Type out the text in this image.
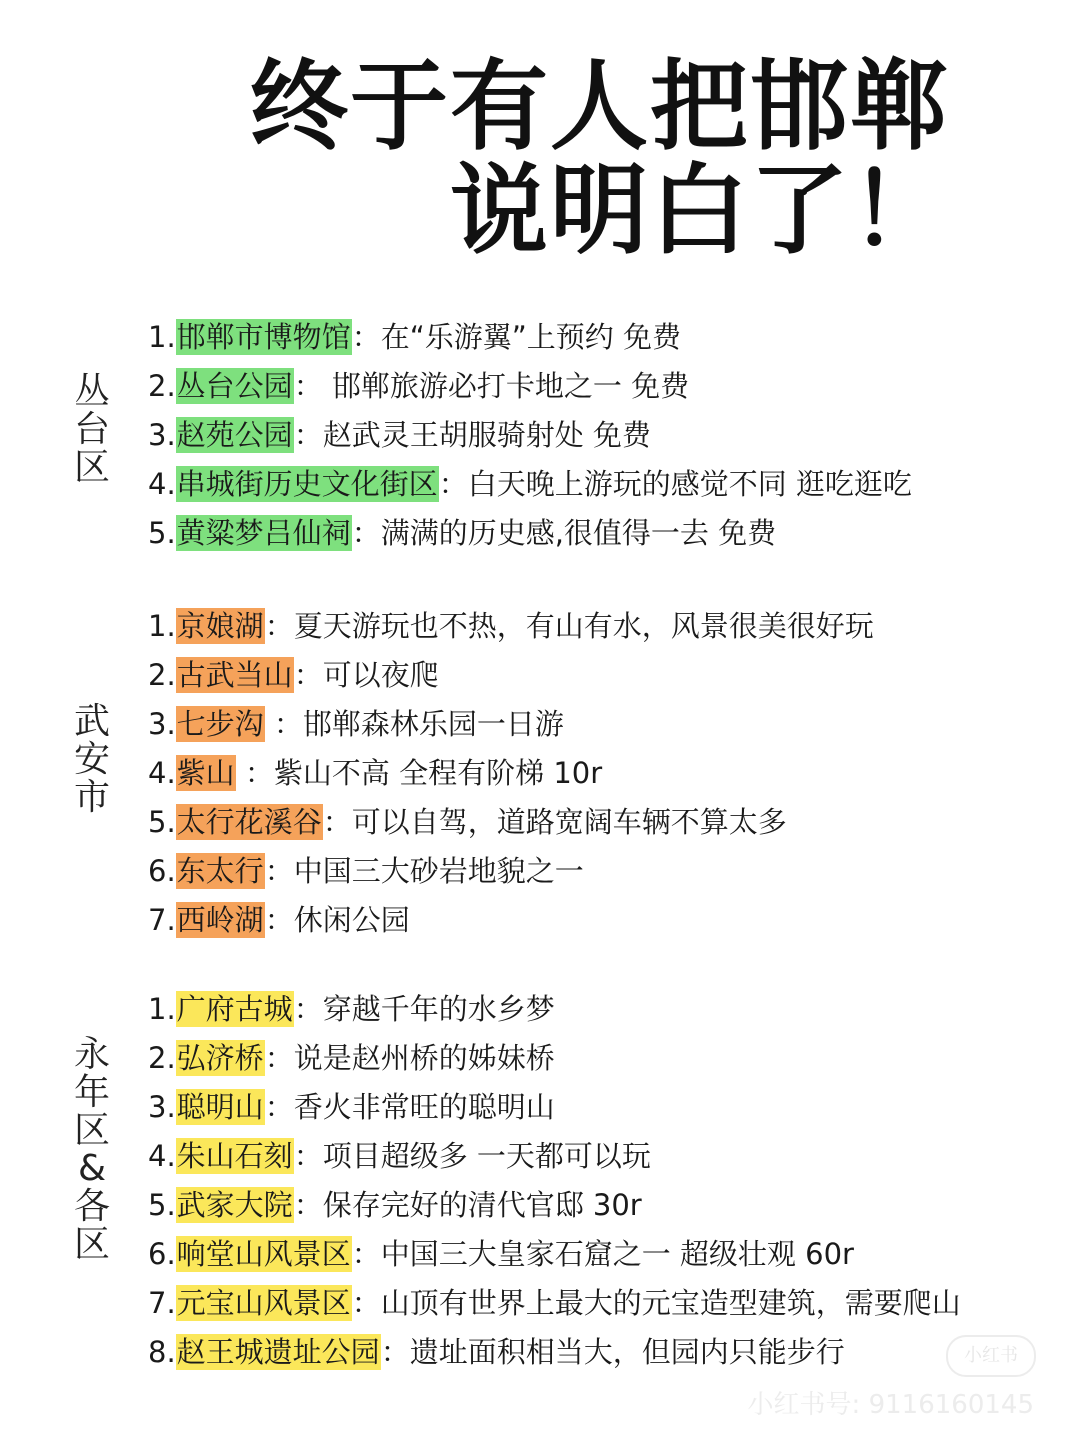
终于有人把邯郸
说明白了！
丛台区
1.邯郸市博物馆：在“乐游翼”上预约 免费
2.丛台公园： 邯郸旅游必打卡地之一 免费
3.赵苑公园：赵武灵王胡服骑射处 免费
4.串城街历史文化街区：白天晚上游玩的感觉不同 逛吃逛吃
5.黄粱梦吕仙祠：满满的历史感,很值得一去 免费
武安市
1.京娘湖：夏天游玩也不热，有山有水，风景很美很好玩
2.古武当山：可以夜爬
3.七步沟 ：邯郸森林乐园一日游
4.紫山 ：紫山不高 全程有阶梯 10r
5.太行花溪谷：可以自驾，道路宽阔车辆不算太多
6.东太行：中国三大砂岩地貌之一
7.西岭湖：休闲公园
永年区&各区
1.广府古城：穿越千年的水乡梦
2.弘济桥：说是赵州桥的姊妹桥
3.聪明山：香火非常旺的聪明山
4.朱山石刻：项目超级多 一天都可以玩
5.武家大院：保存完好的清代官邸 30r
6.响堂山风景区：中国三大皇家石窟之一 超级壮观 60r
7.元宝山风景区：山顶有世界上最大的元宝造型建筑，需要爬山
8.赵王城遗址公园：遗址面积相当大，但园内只能步行	小红书
小红书号: 9116160145
